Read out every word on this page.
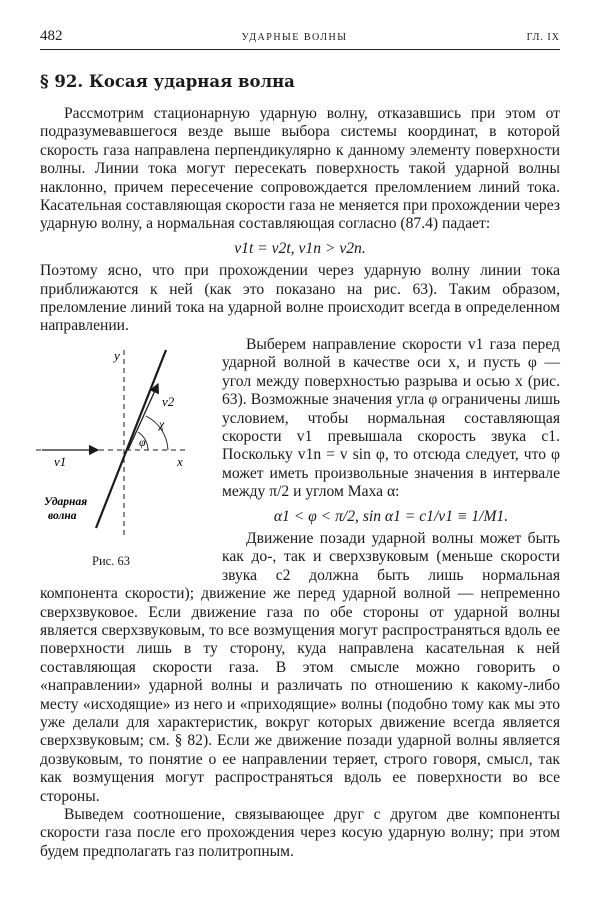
482	УДАРНЫЕ ВОЛНЫ	ГЛ. IX
§ 92. Косая ударная волна

Рассмотрим стационарную ударную волну, отказавшись при этом от подразумевавшегося везде выше выбора системы координат, в которой скорость газа направлена перпендикулярно к данному элементу поверхности волны. Линии тока могут пересекать поверхность такой ударной волны наклонно, причем пересечение сопровождается преломлением линий тока. Касательная составляющая скорости газа не меняется при прохождении через ударную волну, а нормальная составляющая согласно (87.4) падает:

v1t = v2t, v1n > v2n.

Поэтому ясно, что при прохождении через ударную волну линии тока приближаются к ней (как это показано на рис. 63). Таким образом, преломление линий тока на ударной волне происходит всегда в определенном направлении.

y
x
v1
v2
φ
χ
Ударная
волна
Рис. 63

Выберем направление скорости v1 газа перед ударной волной в качестве оси x, и пусть φ — угол между поверхностью разрыва и осью x (рис. 63). Возможные значения угла φ ограничены лишь условием, чтобы нормальная составляющая скорости v1 превышала скорость звука c1. Поскольку v1n = v sin φ, то отсюда следует, что φ может иметь произвольные значения в интервале между π/2 и углом Маха α:

α1 < φ < π/2, sin α1 = c1/v1 ≡ 1/M1.

Движение позади ударной волны может быть как до-, так и сверхзвуковым (меньше скорости звука c2 должна быть лишь нормальная компонента скорости); движение же перед ударной волной — непременно сверхзвуковое. Если движение газа по обе стороны от ударной волны является сверхзвуковым, то все возмущения могут распространяться вдоль ее поверхности лишь в ту сторону, куда направлена касательная к ней составляющая скорости газа. В этом смысле можно говорить о «направлении» ударной волны и различать по отношению к какому-либо месту «исходящие» из него и «приходящие» волны (подобно тому как мы это уже делали для характеристик, вокруг которых движение всегда является сверхзвуковым; см. § 82). Если же движение позади ударной волны является дозвуковым, то понятие о ее направлении теряет, строго говоря, смысл, так как возмущения могут распространяться вдоль ее поверхности во все стороны.

Выведем соотношение, связывающее друг с другом две компоненты скорости газа после его прохождения через косую ударную волну; при этом будем предполагать газ политропным.
